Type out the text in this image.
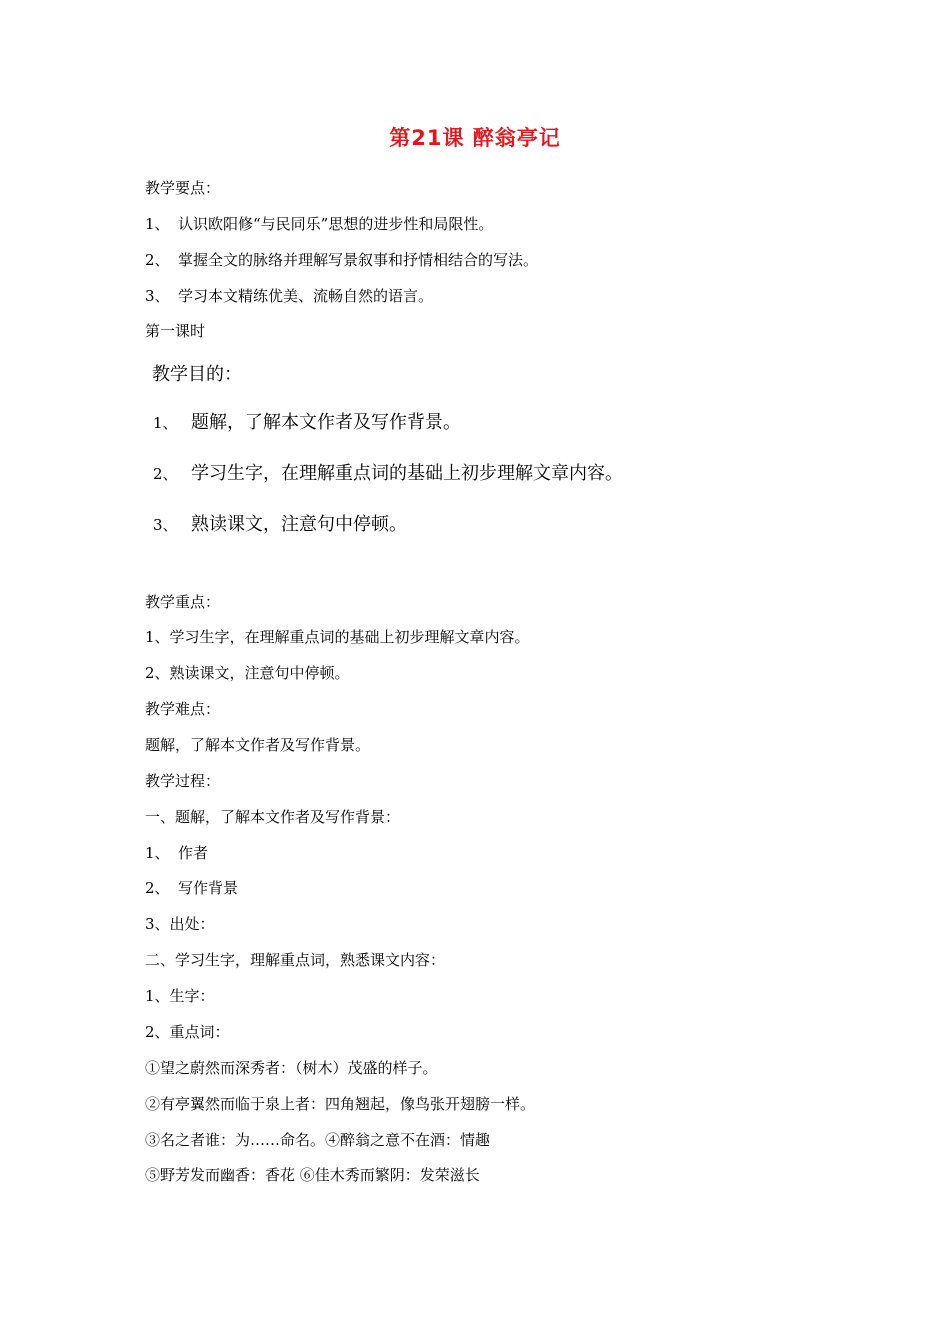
第21课 醉翁亭记
教学要点：
1、 认识欧阳修“与民同乐”思想的进步性和局限性。
2、 掌握全文的脉络并理解写景叙事和抒情相结合的写法。
3、 学习本文精练优美、流畅自然的语言。
第一课时
教学目的：
1、 题解，了解本文作者及写作背景。
2、 学习生字，在理解重点词的基础上初步理解文章内容。
3、 熟读课文，注意句中停顿。
教学重点：
1、学习生字，在理解重点词的基础上初步理解文章内容。
2、熟读课文，注意句中停顿。
教学难点：
题解，了解本文作者及写作背景。
教学过程：
一、题解，了解本文作者及写作背景：
1、 作者
2、 写作背景
3、出处：
二、学习生字，理解重点词，熟悉课文内容：
1、生字：
2、重点词：
①望之蔚然而深秀者：（树木）茂盛的样子。
②有亭翼然而临于泉上者：四角翘起，像鸟张开翅膀一样。
③名之者谁：为……命名。④醉翁之意不在酒：情趣
⑤野芳发而幽香：香花 ⑥佳木秀而繁阴：发荣滋长
